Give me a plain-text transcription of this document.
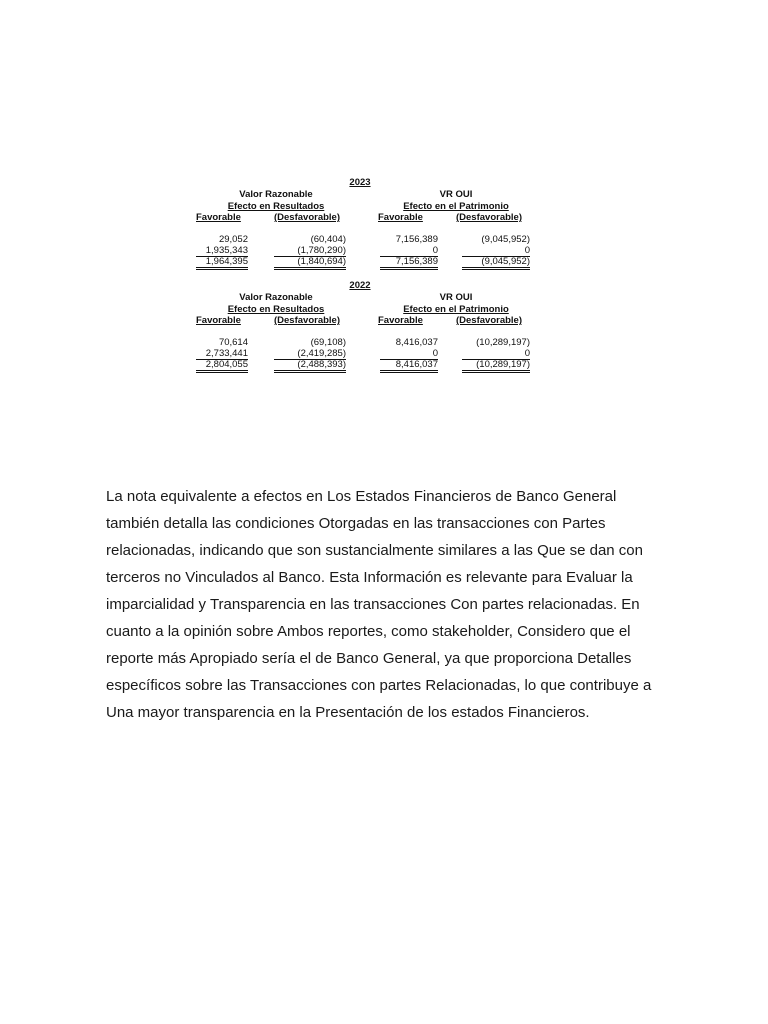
2023
Valor Razonable	VR OUI
Efecto en Resultados	Efecto en el Patrimonio
Favorable	(Desfavorable)	Favorable	(Desfavorable)
29,052	(60,404)	7,156,389	(9,045,952)
1,935,343	(1,780,290)	0	0
1,964,395	(1,840,694)	7,156,389	(9,045,952)
2022
Valor Razonable	VR OUI
Efecto en Resultados	Efecto en el Patrimonio
Favorable	(Desfavorable)	Favorable	(Desfavorable)
70,614	(69,108)	8,416,037	(10,289,197)
2,733,441	(2,419,285)	0	0
2,804,055	(2,488,393)	8,416,037	(10,289,197)

La nota equivalente a efectos en Los Estados Financieros de Banco General también detalla las condiciones Otorgadas en las transacciones con Partes relacionadas, indicando que son sustancialmente similares a las Que se dan con terceros no Vinculados al Banco. Esta Información es relevante para Evaluar la imparcialidad y Transparencia en las transacciones Con partes relacionadas. En cuanto a la opinión sobre Ambos reportes, como stakeholder, Considero que el reporte más Apropiado sería el de Banco General, ya que proporciona Detalles específicos sobre las Transacciones con partes Relacionadas, lo que contribuye a Una mayor transparencia en la Presentación de los estados Financieros.
